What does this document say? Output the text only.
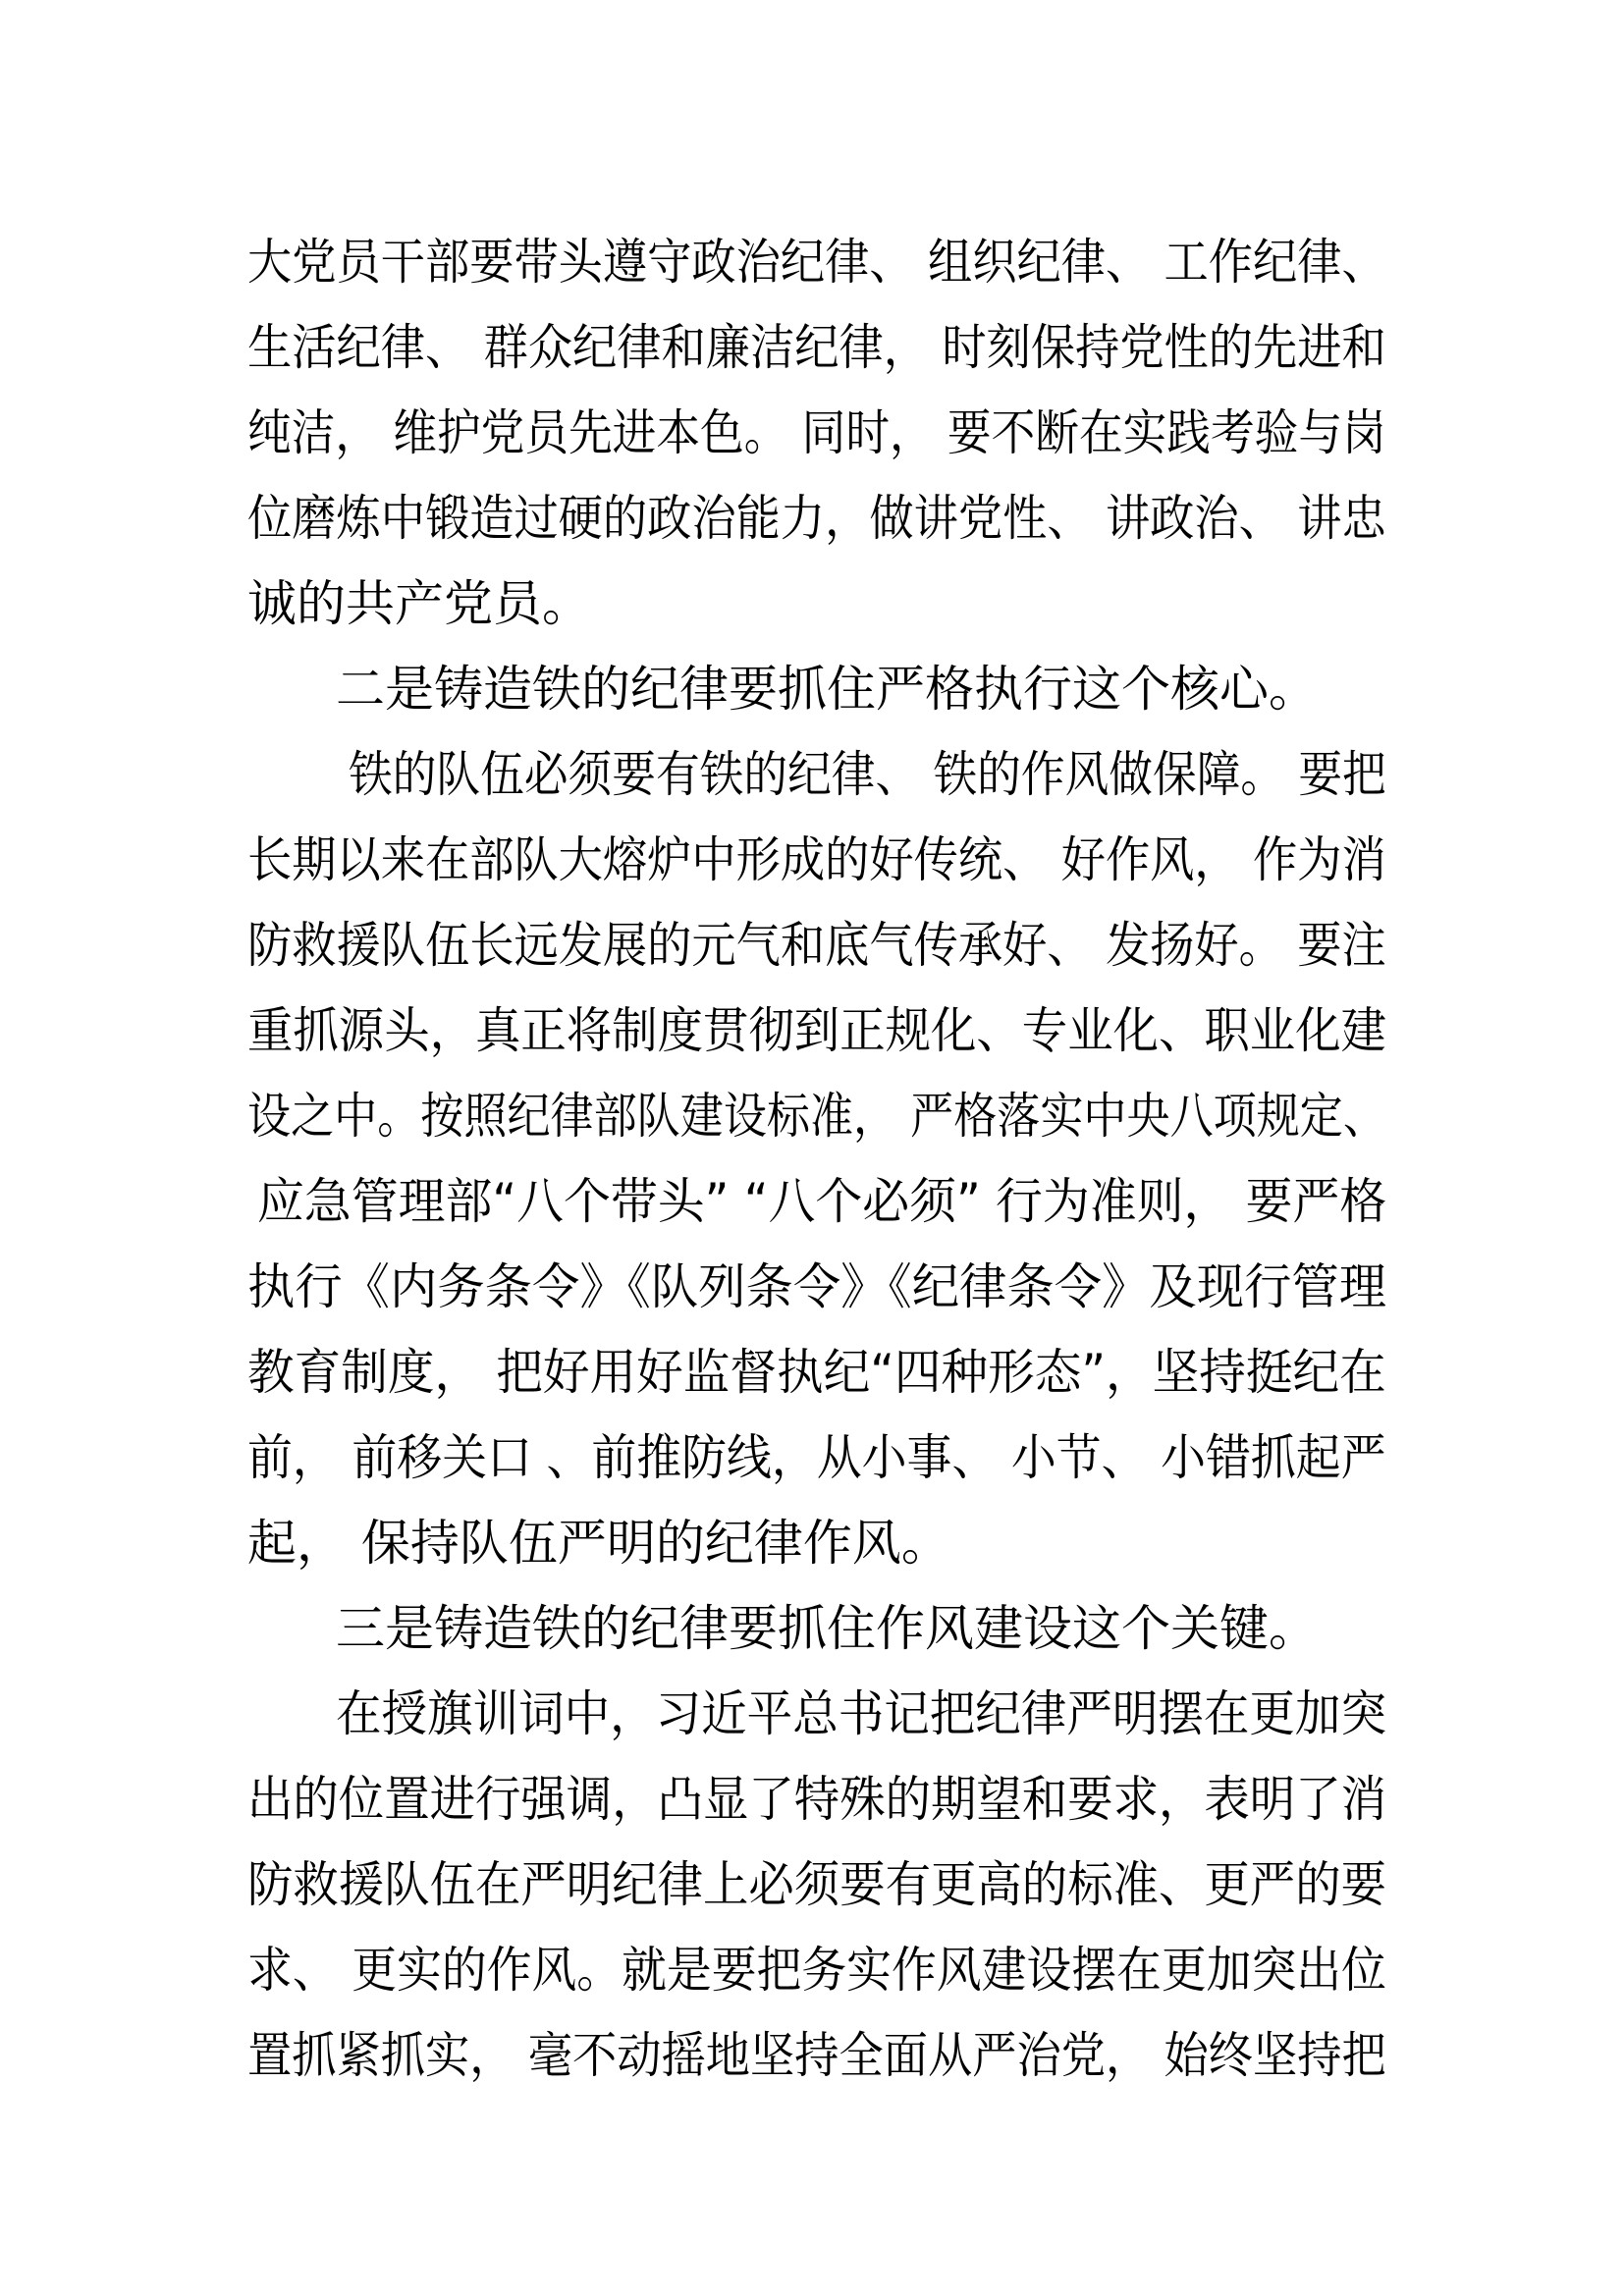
大党员干部要带头遵守政治纪律、 组织纪律、 工作纪律、
生活纪律、 群众纪律和廉洁纪律， 时刻保持党性的先进和
纯洁， 维护党员先进本色。 同时， 要不断在实践考验与岗
位磨炼中锻造过硬的政治能力，做讲党性、 讲政治、 讲忠
诚的共产党员。
二是铸造铁的纪律要抓住严格执行这个核心。
铁的队伍必须要有铁的纪律、 铁的作风做保障。 要把
长期以来在部队大熔炉中形成的好传统、 好作风， 作为消
防救援队伍长远发展的元气和底气传承好、 发扬好。 要注
重抓源头，真正将制度贯彻到正规化、专业化、职业化建
设之中。按照纪律部队建设标准， 严格落实中央八项规定、
应急管理部“八个带头” “八个必须” 行为准则， 要严格
执行《内务条令》《队列条令》《纪律条令》及现行管理
教育制度， 把好用好监督执纪“四种形态”，坚持挺纪在
前， 前移关口 、前推防线，从小事、 小节、 小错抓起严
起， 保持队伍严明的纪律作风。
三是铸造铁的纪律要抓住作风建设这个关键。
在授旗训词中，习近平总书记把纪律严明摆在更加突
出的位置进行强调，凸显了特殊的期望和要求，表明了消
防救援队伍在严明纪律上必须要有更高的标准、更严的要
求、 更实的作风。就是要把务实作风建设摆在更加突出位
置抓紧抓实， 毫不动摇地坚持全面从严治党， 始终坚持把
